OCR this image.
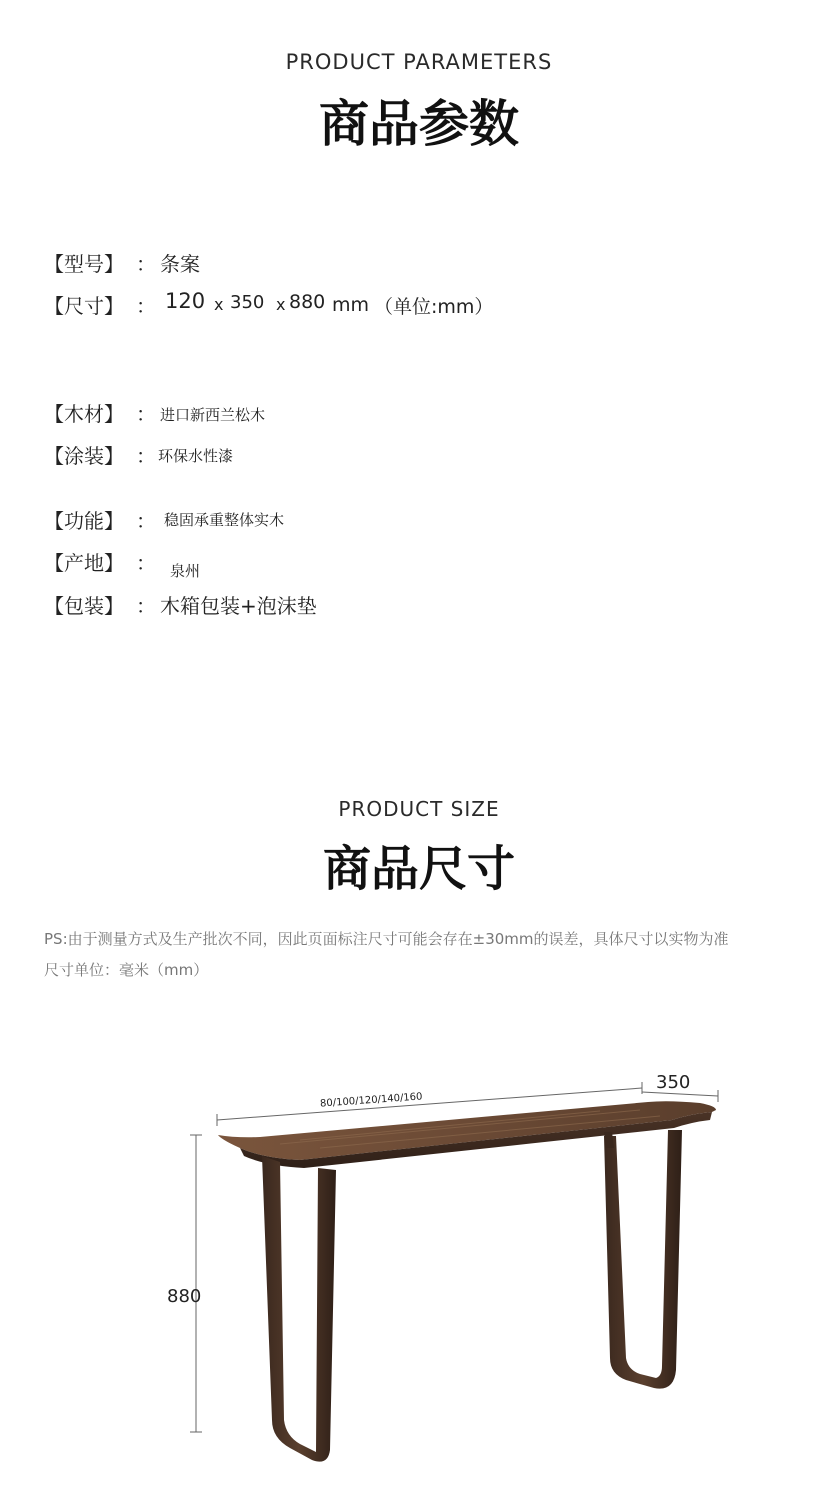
PRODUCT PARAMETERS
商品参数
【型号】 ： 条案
【尺寸】 ： 120 x 350 x 880 mm （单位:mm）
【木材】 ： 进口新西兰松木
【涂装】 ： 环保水性漆
【功能】 ： 稳固承重整体实木
【产地】 ： 泉州
【包装】 ： 木箱包装+泡沫垫
PRODUCT SIZE
商品尺寸
PS:由于测量方式及生产批次不同，因此页面标注尺寸可能会存在±30mm的误差，具体尺寸以实物为准
尺寸单位：毫米（mm）
80/100/120/140/160
350
880
